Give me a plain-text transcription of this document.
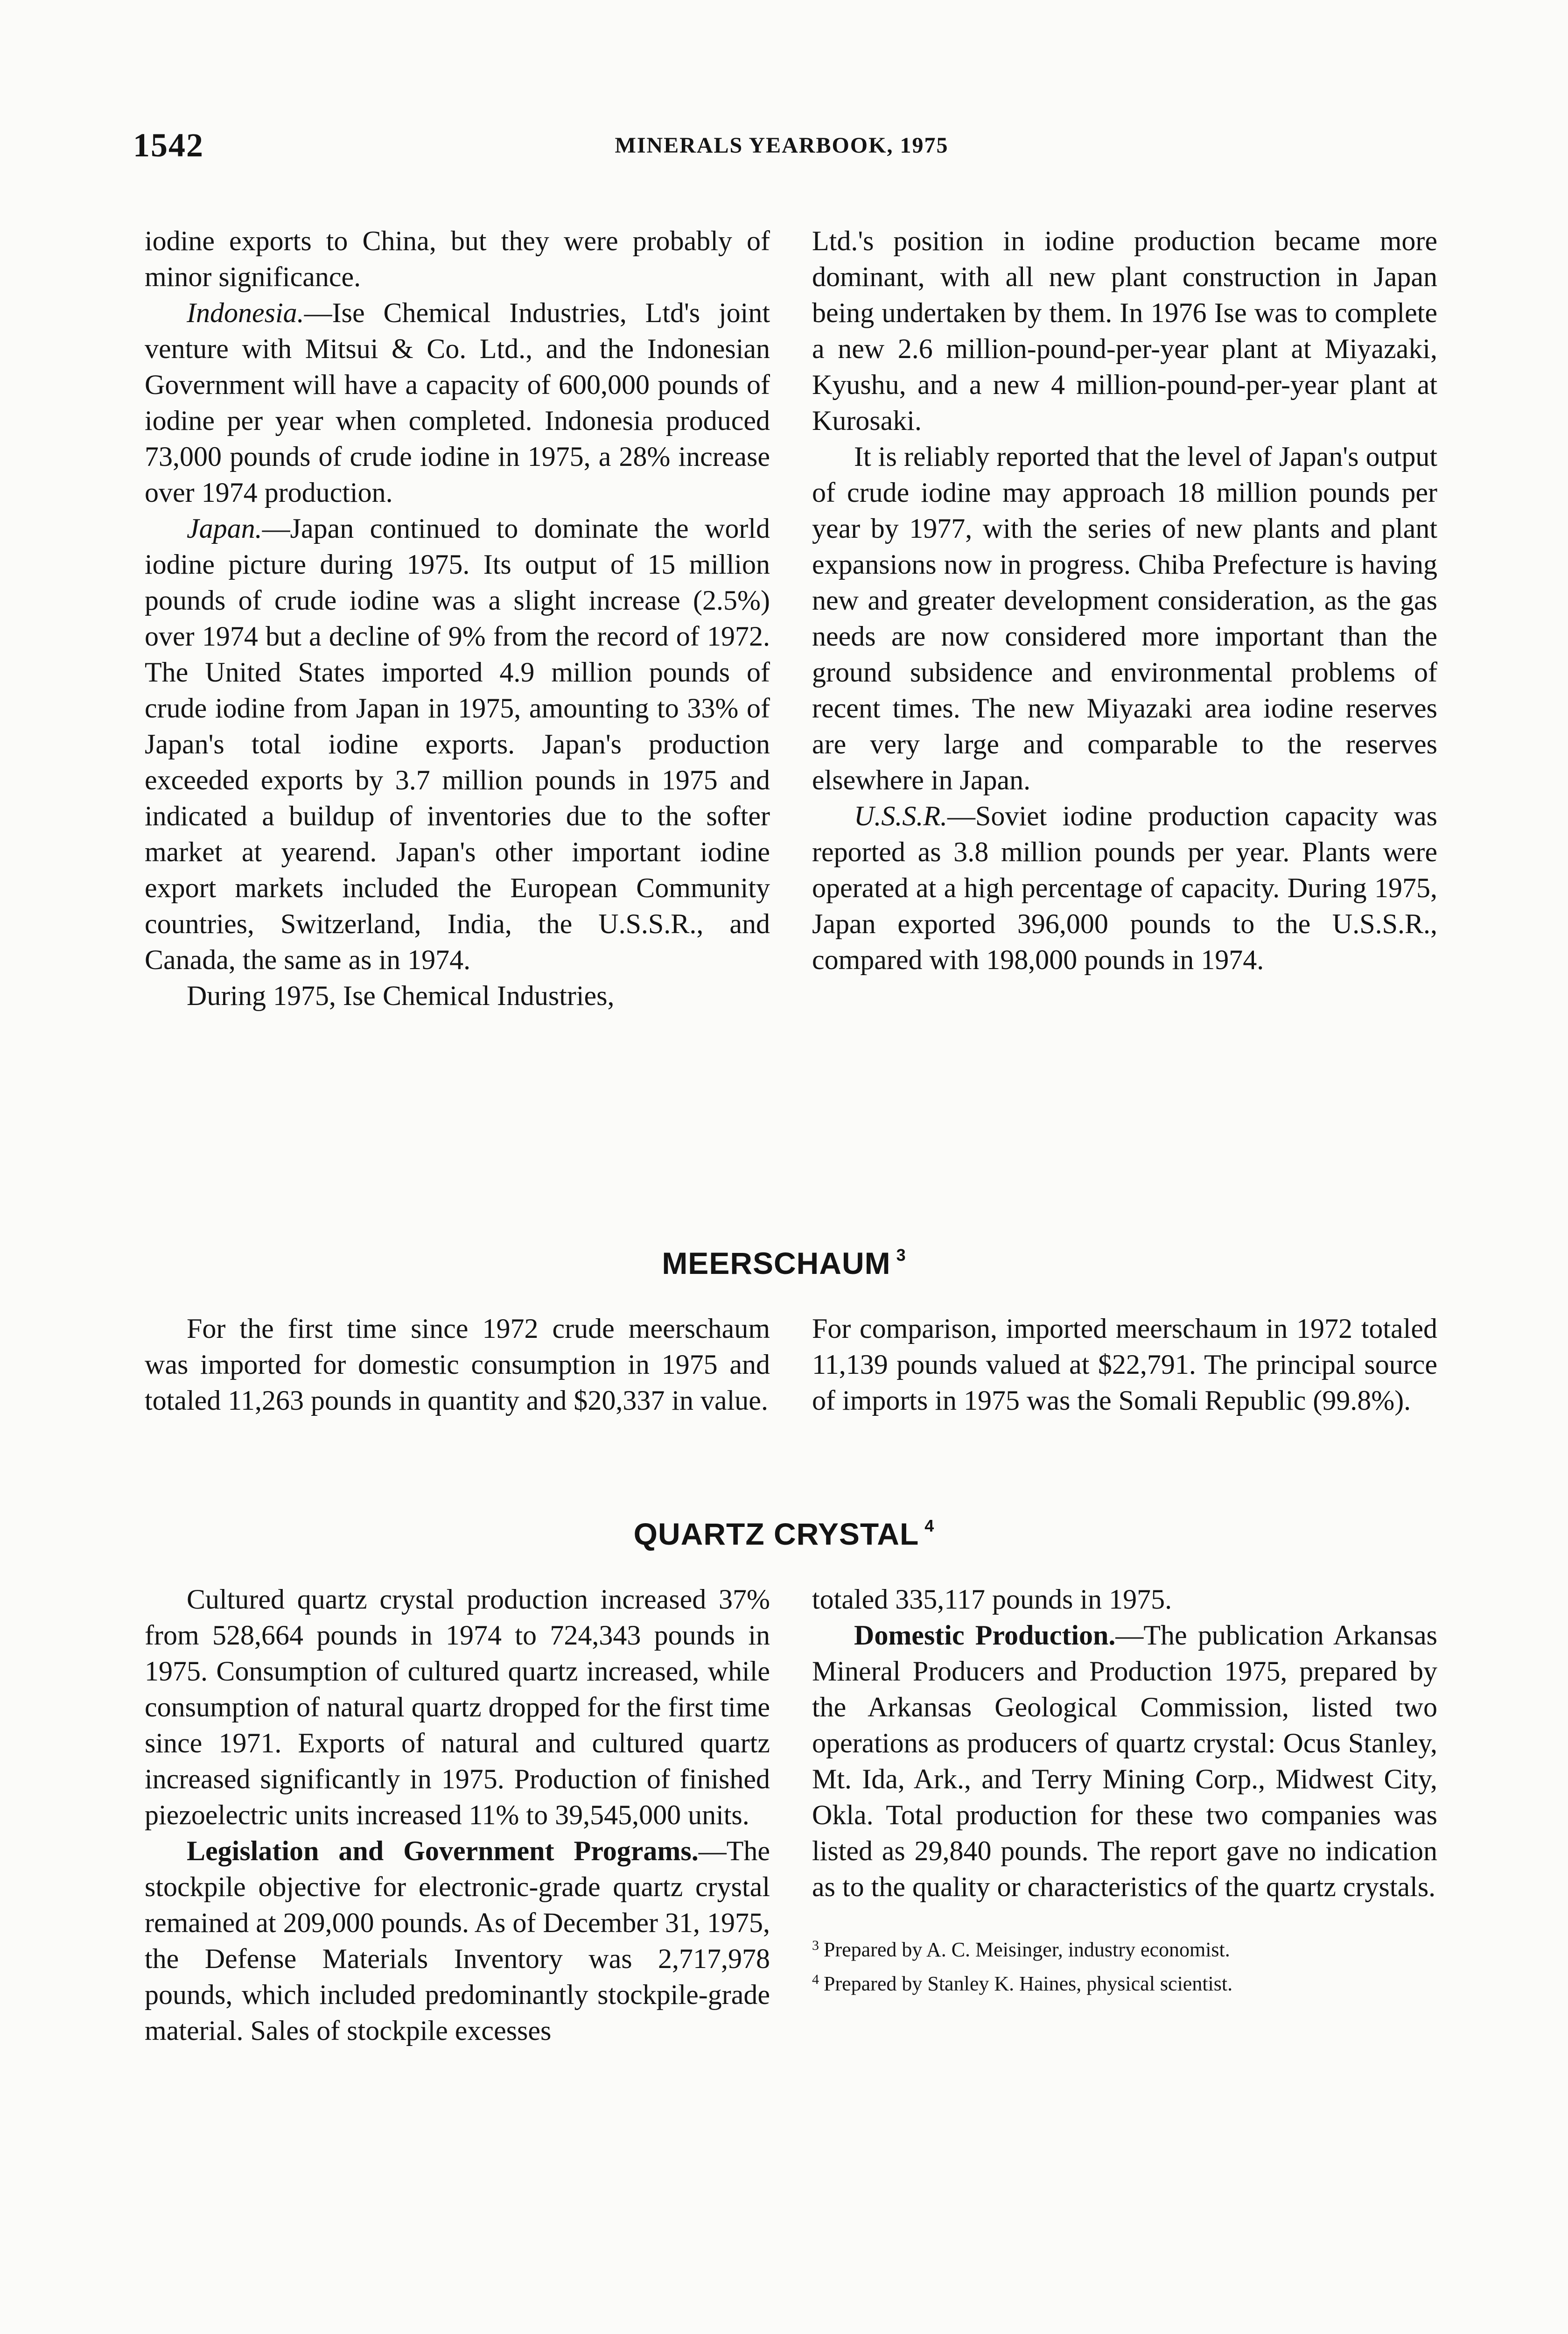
1542	MINERALS YEARBOOK, 1975

iodine exports to China, but they were probably of minor significance.

Indonesia.—Ise Chemical Industries, Ltd's joint venture with Mitsui & Co. Ltd., and the Indonesian Government will have a capacity of 600,000 pounds of iodine per year when completed. Indonesia produced 73,000 pounds of crude iodine in 1975, a 28% increase over 1974 production.

Japan.—Japan continued to dominate the world iodine picture during 1975. Its output of 15 million pounds of crude iodine was a slight increase (2.5%) over 1974 but a decline of 9% from the record of 1972. The United States imported 4.9 million pounds of crude iodine from Japan in 1975, amounting to 33% of Japan's total iodine exports. Japan's production exceeded exports by 3.7 million pounds in 1975 and indicated a buildup of inventories due to the softer market at yearend. Japan's other important iodine export markets included the European Community countries, Switzerland, India, the U.S.S.R., and Canada, the same as in 1974.

During 1975, Ise Chemical Industries,

Ltd.'s position in iodine production became more dominant, with all new plant construction in Japan being undertaken by them. In 1976 Ise was to complete a new 2.6 million-pound-per-year plant at Miyazaki, Kyushu, and a new 4 million-pound-per-year plant at Kurosaki.

It is reliably reported that the level of Japan's output of crude iodine may approach 18 million pounds per year by 1977, with the series of new plants and plant expansions now in progress. Chiba Prefecture is having new and greater development consideration, as the gas needs are now considered more important than the ground subsidence and environmental problems of recent times. The new Miyazaki area iodine reserves are very large and comparable to the reserves elsewhere in Japan.

U.S.S.R.—Soviet iodine production capacity was reported as 3.8 million pounds per year. Plants were operated at a high percentage of capacity. During 1975, Japan exported 396,000 pounds to the U.S.S.R., compared with 198,000 pounds in 1974.

MEERSCHAUM $^3$

For the first time since 1972 crude meerschaum was imported for domestic consumption in 1975 and totaled 11,263 pounds in quantity and $20,337 in value.

For comparison, imported meerschaum in 1972 totaled 11,139 pounds valued at $22,791. The principal source of imports in 1975 was the Somali Republic (99.8%).

QUARTZ CRYSTAL $^4$

Cultured quartz crystal production increased 37% from 528,664 pounds in 1974 to 724,343 pounds in 1975. Consumption of cultured quartz increased, while consumption of natural quartz dropped for the first time since 1971. Exports of natural and cultured quartz increased significantly in 1975. Production of finished piezoelectric units increased 11% to 39,545,000 units.

Legislation and Government Programs.—The stockpile objective for electronic-grade quartz crystal remained at 209,000 pounds. As of December 31, 1975, the Defense Materials Inventory was 2,717,978 pounds, which included predominantly stockpile-grade material. Sales of stockpile excesses

totaled 335,117 pounds in 1975.

Domestic Production.—The publication Arkansas Mineral Producers and Production 1975, prepared by the Arkansas Geological Commission, listed two operations as producers of quartz crystal: Ocus Stanley, Mt. Ida, Ark., and Terry Mining Corp., Midwest City, Okla. Total production for these two companies was listed as 29,840 pounds. The report gave no indication as to the quality or characteristics of the quartz crystals.

$^3$ Prepared by A. C. Meisinger, industry economist.

$^4$ Prepared by Stanley K. Haines, physical scientist.
